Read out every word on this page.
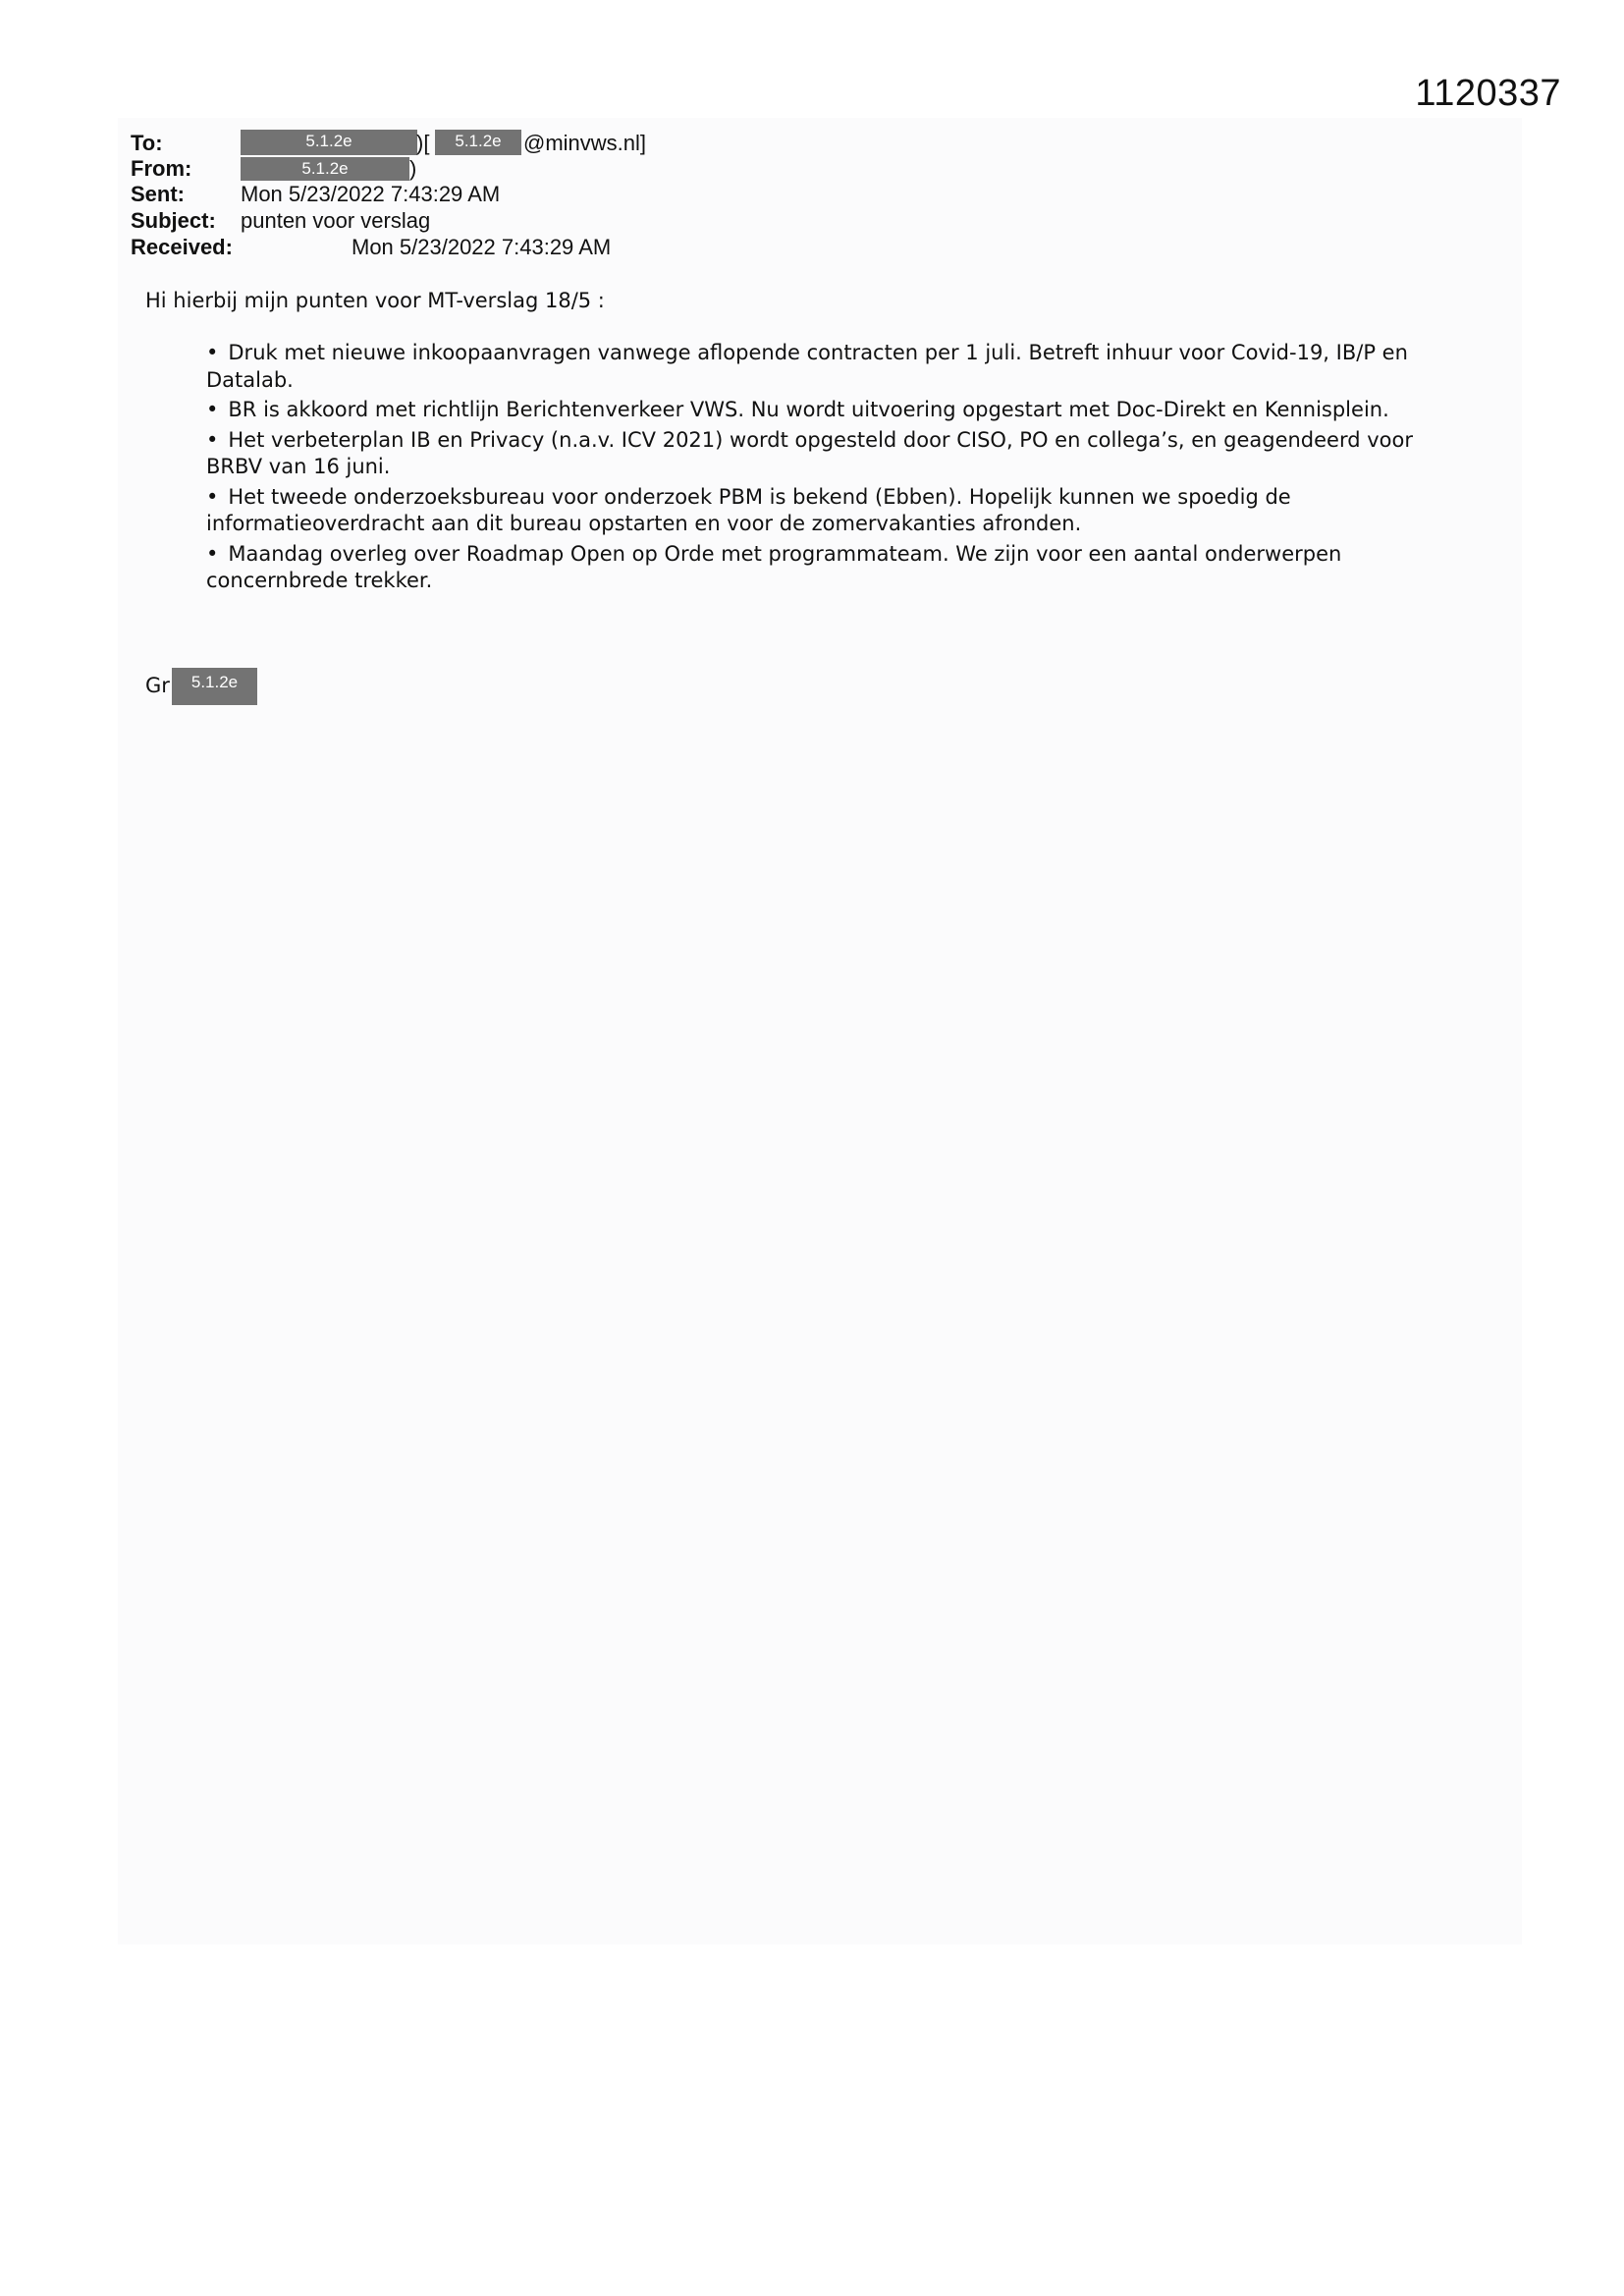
1120337
To:	5.1.2e	)[	5.1.2e	@minvws.nl]
From:	5.1.2e	)
Sent:	Mon 5/23/2022 7:43:29 AM
Subject: punten voor verslag
Received:	Mon 5/23/2022 7:43:29 AM
Hi hierbij mijn punten voor MT-verslag 18/5 :
• Druk met nieuwe inkoopaanvragen vanwege aflopende contracten per 1 juli. Betreft inhuur voor Covid-19, IB/P en Datalab.
• BR is akkoord met richtlijn Berichtenverkeer VWS. Nu wordt uitvoering opgestart met Doc-Direkt en Kennisplein.
• Het verbeterplan IB en Privacy (n.a.v. ICV 2021) wordt opgesteld door CISO, PO en collega’s, en geagendeerd voor BRBV van 16 juni.
• Het tweede onderzoeksbureau voor onderzoek PBM is bekend (Ebben). Hopelijk kunnen we spoedig de informatieoverdracht aan dit bureau opstarten en voor de zomervakanties afronden.
• Maandag overleg over Roadmap Open op Orde met programmateam. We zijn voor een aantal onderwerpen concernbrede trekker.
Gr	5.1.2e
